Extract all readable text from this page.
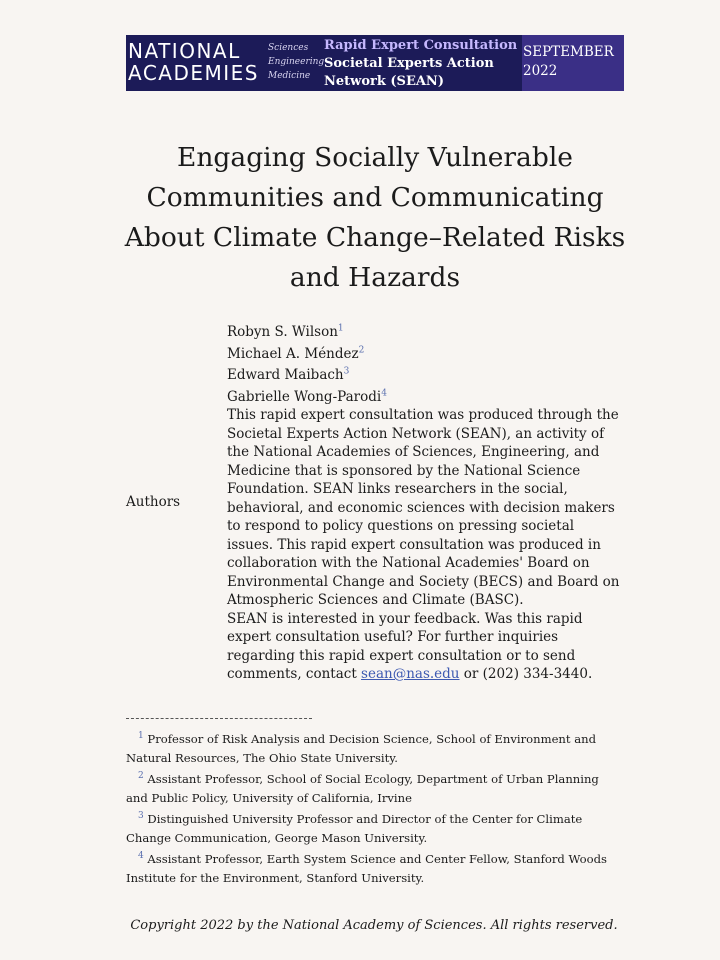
NATIONAL
ACADEMIES
Sciences
Engineering
Medicine
Rapid Expert Consultation
Societal Experts Action Network (SEAN)
SEPTEMBER
2022
Engaging Socially Vulnerable Communities and Communicating About Climate Change–Related Risks and Hazards
Authors
Robyn S. Wilson$^1$
Michael A. Méndez$^2$
Edward Maibach$^3$
Gabrielle Wong-Parodi$^4$

This rapid expert consultation was produced through the Societal Experts Action Network (SEAN), an activity of the National Academies of Sciences, Engineering, and Medicine that is sponsored by the National Science Foundation. SEAN links researchers in the social, behavioral, and economic sciences with decision makers to respond to policy questions on pressing societal issues. This rapid expert consultation was produced in collaboration with the National Academies' Board on Environmental Change and Society (BECS) and Board on Atmospheric Sciences and Climate (BASC).

SEAN is interested in your feedback. Was this rapid expert consultation useful? For further inquiries regarding this rapid expert consultation or to send comments, contact sean@nas.edu or (202) 334-3440.

$^1$ Professor of Risk Analysis and Decision Science, School of Environment and Natural Resources, The Ohio State University.

$^2$ Assistant Professor, School of Social Ecology, Department of Urban Planning and Public Policy, University of California, Irvine

$^3$ Distinguished University Professor and Director of the Center for Climate Change Communication, George Mason University.

$^4$ Assistant Professor, Earth System Science and Center Fellow, Stanford Woods Institute for the Environment, Stanford University.

Copyright 2022 by the National Academy of Sciences. All rights reserved.
